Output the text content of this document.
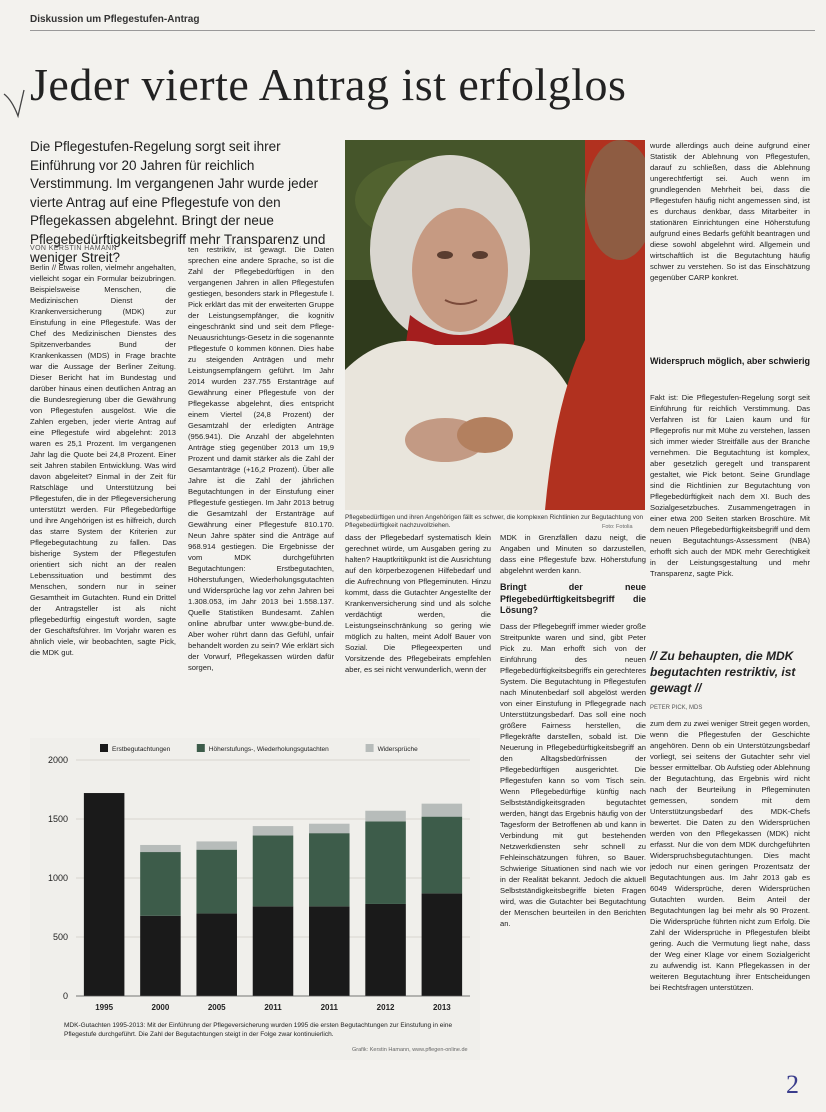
Diskussion um Pflegestufen-Antrag
Jeder vierte Antrag ist erfolglos
Die Pflegestufen-Regelung sorgt seit ihrer Einführung vor 20 Jahren für reichlich Verstimmung. Im vergangenen Jahr wurde jeder vierte Antrag auf eine Pflegestufe von den Pflegekassen abgelehnt. Bringt der neue Pflegebedürftigkeitsbegriff mehr Transparenz und weniger Streit?
VON KERSTIN HAMANN

Berlin // Etwas rollen, vielmehr angehalten, vielleicht sogar ein Formular beizubringen. Beispielsweise Menschen, die Medizinischen Dienst der Krankenversicherung (MDK) zur Einstufung in eine Pflegestufe. Was der Chef des Medizinischen Dienstes des Spitzenverbandes Bund der Krankenkassen (MDS) in Frage brachte war die Aussage der Berliner Zeitung. Dieser Bericht hat im Bundestag und darüber hinaus einen deutlichen Antrag an die Bundesregierung über die Gewährung von Pflegestufen ausgelöst. Wie die Zahlen ergeben, jeder vierte Antrag auf eine Pflegestufe wird abgelehnt: 2013 waren es 25,1 Prozent. Im vergangenen Jahr lag die Quote bei 24,8 Prozent. Einer seit Jahren stabilen Entwicklung. Was wird davon abgeleitet? Einmal in der Zeit für Ratschläge und Unterstützung bei Pflegestufen, die in der Pflegeversicherung unterstützt werden. Für Pflegebedürftige und ihre Angehörigen ist es hilfreich, durch das starre System der Kriterien zur Pflegebegutachtung zu fallen. Das bisherige System der Pflegestufen orientiert sich nicht an der realen Lebenssituation und bestimmt des Menschen, sondern nur in seiner Gesamtheit im Gutachten. Rund ein Drittel der Antragsteller ist als nicht pflegebedürftig eingestuft worden, sagte der Geschäftsführer. Im Vorjahr waren es ähnlich viele, wir beobachten, sagte Pick, die MDK gut.

ten restriktiv, ist gewagt. Die Daten sprechen eine andere Sprache, so ist die Zahl der Pflegebedürftigen in den vergangenen Jahren in allen Pflegestufen gestiegen, besonders stark in Pflegestufe I. Pick erklärt das mit der erweiterten Gruppe der Leistungsempfänger, die kognitiv eingeschränkt sind und seit dem Pflege-Neuausrichtungs-Gesetz in die sogenannte Pflegestufe 0 kommen können. Dies habe zu steigenden Anträgen und mehr Leistungsempfängern geführt. Im Jahr 2014 wurden 237.755 Erstanträge auf Gewährung einer Pflegestufe von der Pflegekasse abgelehnt, dies entspricht einem Viertel (24,8 Prozent) der Gesamtzahl der erledigten Anträge (956.941). Die Anzahl der abgelehnten Anträge stieg gegenüber 2013 um 19,9 Prozent und damit stärker als die Zahl der Gesamtanträge (+16,2 Prozent). Über alle Jahre ist die Zahl der jährlichen Begutachtungen in der Einstufung einer Pflegestufe gestiegen. Im Jahr 2013 betrug die Gesamtzahl der Erstanträge auf Gewährung einer Pflegestufe 810.170. Neun Jahre später sind die Anträge auf 968.914 gestiegen. Die Ergebnisse der vom MDK durchgeführten Begutachtungen: Erstbegutachten, Höherstufungen, Wiederholungsgutachten und Widersprüche lag vor zehn Jahren bei 1.308.053, im Jahr 2013 bei 1.558.137. Quelle Statistiken Bundesamt. Zahlen online abrufbar unter www.gbe-bund.de. Aber woher rührt dann das Gefühl, unfair behandelt worden zu sein? Wie erklärt sich der Vorwurf, Pflegekassen würden dafür sorgen,

Pflegebedürftigen und ihren Angehörigen fällt es schwer, die komplexen Richtlinien zur Begutachtung von Pflegebedürftigkeit nachzuvollziehen.	Foto: Fotolia

dass der Pflegebedarf systematisch klein gerechnet würde, um Ausgaben gering zu halten? Hauptkritikpunkt ist die Ausrichtung auf den körperbezogenen Hilfebedarf und die Aufrechnung von Pflegeminuten. Hinzu kommt, dass die Gutachter Angestellte der Krankenversicherung sind und als solche verdächtigt werden, die Leistungseinschränkung so gering wie möglich zu halten, meint Adolf Bauer von Sozial. Die Pflegeexperten und Vorsitzende des Pflegebeirats empfehlen aber, es sei nicht verwunderlich, wenn der

MDK in Grenzfällen dazu neigt, die Angaben und Minuten so darzustellen, dass eine Pflegestufe bzw. Höherstufung abgelehnt werden kann.

Bringt der neue Pflegebedürftigkeitsbegriff die Lösung?

Dass der Pflegebegriff immer wieder große Streitpunkte waren und sind, gibt Peter Pick zu. Man erhofft sich von der Einführung des neuen Pflegebedürftigkeitsbegriffs ein gerechteres System. Die Begutachtung in Pflegestufen nach Minutenbedarf soll abgelöst werden von einer Einstufung in Pflegegrade nach Unterstützungsbedarf. Das soll eine noch größere Fairness herstellen, die Pflegekräfte darstellen, sobald ist. Die Neuerung in Pflegebedürftigkeitsbegriff an den Alltagsbedürfnissen der Pflegebedürftigen ausgerichtet. Die Pflegestufen kann so vom Tisch sein. Wenn Pflegebedürftige künftig nach Selbstständigkeitsgraden begutachtet werden, hängt das Ergebnis häufig von der Tagesform der Betroffenen ab und kann in Verbindung mit gut bestehenden Netzwerkdiensten sehr schnell zu Fehleinschätzungen führen, so Bauer. Schwierige Situationen sind nach wie vor in der Realität bekannt. Jedoch die aktuell Selbstständigkeitsbegriffe bieten Fragen wird, was die Gutachter bei Begutachtung der Menschen beurteilen in den Berichten an.

wurde allerdings auch deine aufgrund einer Statistik der Ablehnung von Pflegestufen, darauf zu schließen, dass die Ablehnung ungerechtfertigt sei. Auch wenn im grundlegenden Mehrheit bei, dass die Pflegestufen häufig nicht angemessen sind, ist es durchaus denkbar, dass Mitarbeiter in stationären Einrichtungen eine Höherstufung aufgrund eines Bedarfs gefühlt beantragen und diese sowohl abgelehnt wird. Allgemein und wirtschaftlich ist die Begutachtung häufig schwer zu verstehen. So ist das Einschätzung gegenüber CARP konkret.

Widerspruch möglich, aber schwierig

Fakt ist: Die Pflegestufen-Regelung sorgt seit Einführung für reichlich Verstimmung. Das Verfahren ist für Laien kaum und für Pflegeprofis nur mit Mühe zu verstehen, lassen sich immer wieder Streitfälle aus der Branche vernehmen. Die Begutachtung ist komplex, aber gesetzlich geregelt und transparent gestaltet, wie Pick betont. Seine Grundlage sind die Richtlinien zur Begutachtung von Pflegebedürftigkeit nach dem XI. Buch des Sozialgesetzbuches. Zusammengetragen in einer etwa 200 Seiten starken Broschüre. Mit dem neuen Pflegebedürftigkeitsbegriff und dem neuen Begutachtungs-Assessment (NBA) erhofft sich auch der MDK mehr Gerechtigkeit in der Leistungsgestaltung und mehr Transparenz, sagte Pick.

// Zu behaupten, die MDK begutachten restriktiv, ist gewagt //
PETER PICK, MDS

zum dem zu zwei weniger Streit gegen worden, wenn die Pflegestufen der Geschichte angehören. Denn ob ein Unterstützungsbedarf vorliegt, sei seitens der Gutachter sehr viel besser ermittelbar. Ob Aufstieg oder Ablehnung der Begutachtung, das Ergebnis wird nicht nach der Beurteilung in Pflegeminuten gemessen, sondern mit dem Unterstützungsbedarf des MDK-Chefs bewertet. Die Daten zu den Widersprüchen werden von den Pflegekassen (MDK) nicht erfasst. Nur die von dem MDK durchgeführten Widerspruchsbegutachtungen. Dies macht jedoch nur einen geringen Prozentsatz der Begutachtungen aus. Im Jahr 2013 gab es 6049 Widersprüche, deren Widersprüchen Gutachten wurden. Beim Anteil der Begutachtungen lag bei mehr als 90 Prozent. Die Widersprüche führten nicht zum Erfolg. Die Zahl der Widersprüche in Pflegestufen bleibt gering. Auch die Vermutung liegt nahe, dass der Weg einer Klage vor einem Sozialgericht zu aufwendig ist. Kann Pflegekassen in der weiteren Begutachtung ihrer Entscheidungen bei Rechtsfragen unterstützen.

0
500
1000
1500
2000
Erstbegutachtungen	Höherstufungs-, Wiederholungsgutachten	Widersprüche
1995	2000	2005	2011	2011	2012	2013
MDK-Gutachten 1995-2013: Mit der Einführung der Pflegeversicherung wurden 1995 die ersten Begutachtungen zur Einstufung in eine Pflegestufe durchgeführt. Die Zahl der Begutachtungen steigt in der Folge zwar kontinuierlich.
Grafik: Kerstin Hamann, www.pflegen-online.de
2
